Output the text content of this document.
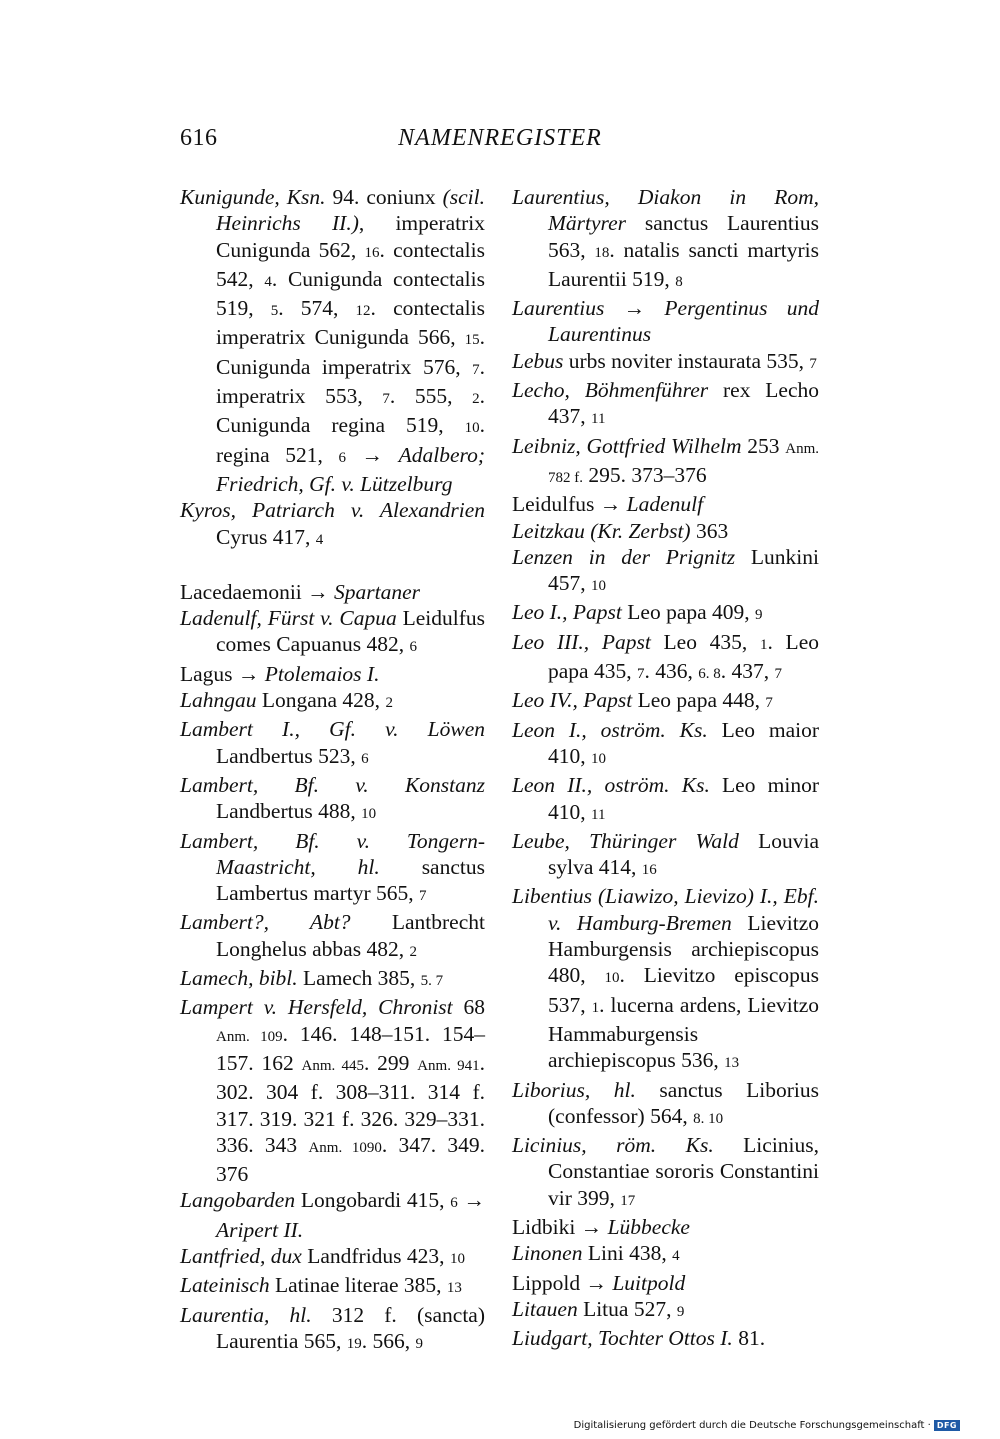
616	NAMENREGISTER

Kunigunde, Ksn. 94. coniunx (scil. Heinrichs II.), imperatrix Cunigunda 562, 16. contectalis 542, 4. Cunigunda contectalis 519, 5. 574, 12. contectalis imperatrix Cunigunda 566, 15. Cunigunda imperatrix 576, 7. imperatrix 553, 7. 555, 2. Cunigunda regina 519, 10. regina 521, 6 → Adalbero; Friedrich, Gf. v. Lützelburg

Kyros, Patriarch v. Alexandrien Cyrus 417, 4

Lacedaemonii → Spartaner

Ladenulf, Fürst v. Capua Leidulfus comes Capuanus 482, 6

Lagus → Ptolemaios I.

Lahngau Longana 428, 2

Lambert I., Gf. v. Löwen Landbertus 523, 6

Lambert, Bf. v. Konstanz Landbertus 488, 10

Lambert, Bf. v. Tongern-Maastricht, hl. sanctus Lambertus martyr 565, 7

Lambert?, Abt? Lantbrecht Longhelus abbas 482, 2

Lamech, bibl. Lamech 385, 5. 7

Lampert v. Hersfeld, Chronist 68 Anm. 109. 146. 148–151. 154–157. 162 Anm. 445. 299 Anm. 941. 302. 304 f. 308–311. 314 f. 317. 319. 321 f. 326. 329–331. 336. 343 Anm. 1090. 347. 349. 376

Langobarden Longobardi 415, 6 → Aripert II.

Lantfried, dux Landfridus 423, 10

Lateinisch Latinae literae 385, 13

Laurentia, hl. 312 f. (sancta) Laurentia 565, 19. 566, 9

Laurentius, Diakon in Rom, Märtyrer sanctus Laurentius 563, 18. natalis sancti martyris Laurentii 519, 8

Laurentius → Pergentinus und Laurentinus

Lebus urbs noviter instaurata 535, 7

Lecho, Böhmenführer rex Lecho 437, 11

Leibniz, Gottfried Wilhelm 253 Anm. 782 f. 295. 373–376

Leidulfus → Ladenulf

Leitzkau (Kr. Zerbst) 363

Lenzen in der Prignitz Lunkini 457, 10

Leo I., Papst Leo papa 409, 9

Leo III., Papst Leo 435, 1. Leo papa 435, 7. 436, 6. 8. 437, 7

Leo IV., Papst Leo papa 448, 7

Leon I., oström. Ks. Leo maior 410, 10

Leon II., oström. Ks. Leo minor 410, 11

Leube, Thüringer Wald Louvia sylva 414, 16

Libentius (Liawizo, Lievizo) I., Ebf. v. Hamburg-Bremen Lievitzo Hamburgensis archiepiscopus 480, 10. Lievitzo episcopus 537, 1. lucerna ardens, Lievitzo Hammaburgensis archiepiscopus 536, 13

Liborius, hl. sanctus Liborius (confessor) 564, 8. 10

Licinius, röm. Ks. Licinius, Constantiae sororis Constantini vir 399, 17

Lidbiki → Lübbecke

Linonen Lini 438, 4

Lippold → Luitpold

Litauen Litua 527, 9

Liudgart, Tochter Ottos I. 81.

Digitalisierung gefördert durch die Deutsche Forschungsgemeinschaft · DFG
